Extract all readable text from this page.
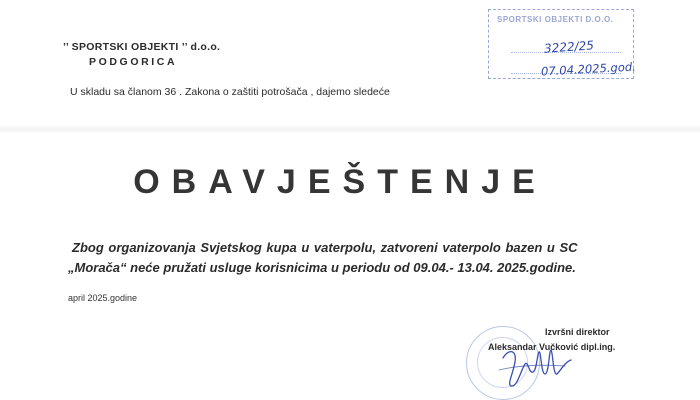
’’ SPORTSKI OBJEKTI ’’ d.o.o.
PODGORICA
U skladu sa članom 36 . Zakona o zaštiti potrošača , dajemo sledeće
SPORTSKI OBJEKTI D.O.O.
3222/25
07.04.2025.god.
OBAVJEŠTENJE
Zbog organizovanja Svjetskog kupa u vaterpolu, zatvoreni vaterpolo bazen u SC
„Morača“ neće pružati usluge korisnicima u periodu od 09.04.- 13.04. 2025.godine.
april 2025.godine
Izvršni direktor
Aleksandar Vučković dipl.ing.
